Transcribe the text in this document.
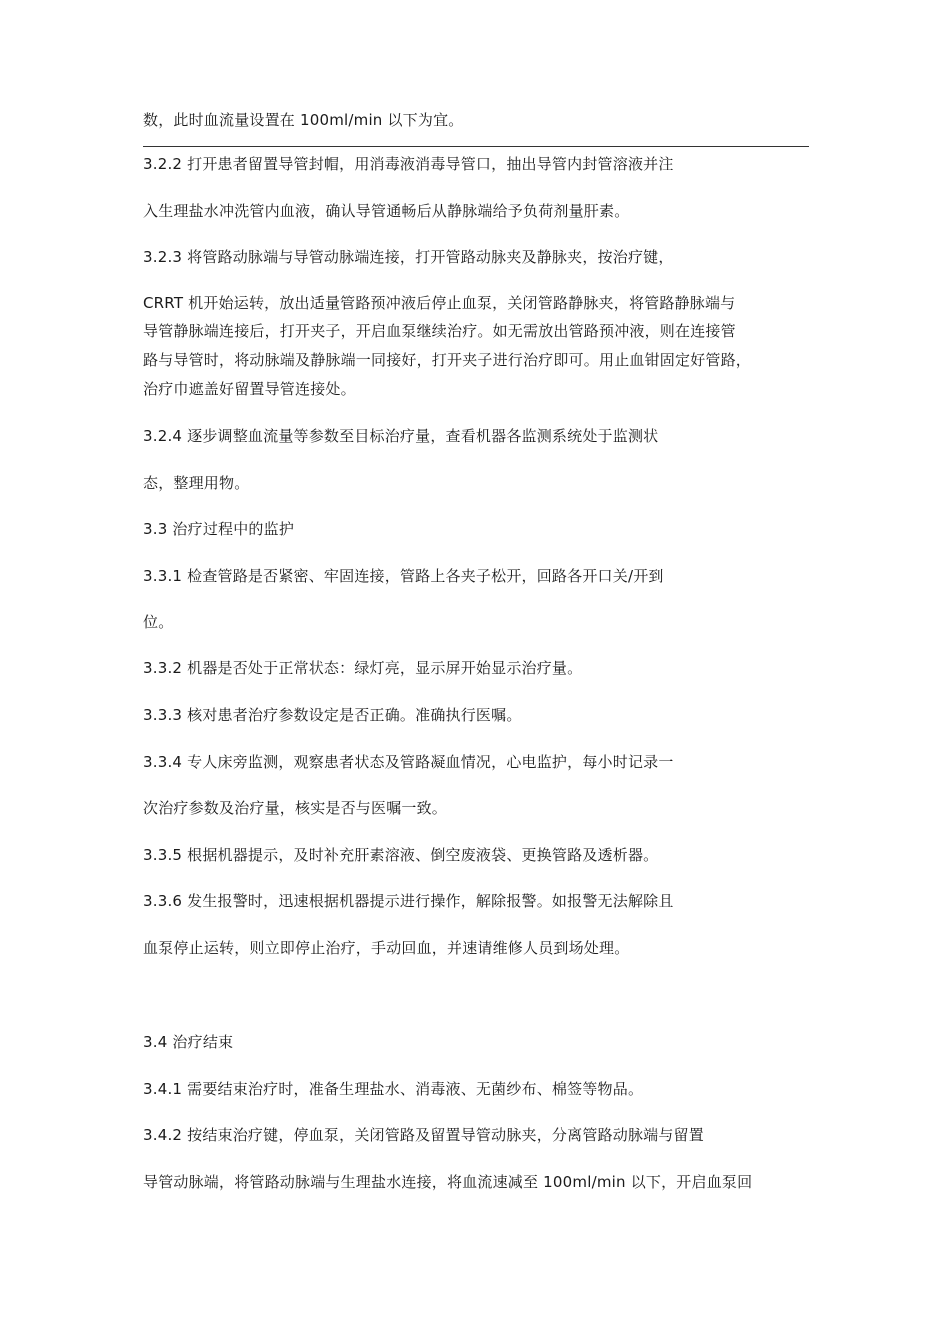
数，此时血流量设置在 100ml/min 以下为宜。
3.2.2 打开患者留置导管封帽，用消毒液消毒导管口，抽出导管内封管溶液并注
入生理盐水冲洗管内血液，确认导管通畅后从静脉端给予负荷剂量肝素。
3.2.3 将管路动脉端与导管动脉端连接，打开管路动脉夹及静脉夹，按治疗键，
CRRT 机开始运转，放出适量管路预冲液后停止血泵，关闭管路静脉夹，将管路静脉端与
导管静脉端连接后，打开夹子，开启血泵继续治疗。如无需放出管路预冲液，则在连接管
路与导管时，将动脉端及静脉端一同接好，打开夹子进行治疗即可。用止血钳固定好管路，
治疗巾遮盖好留置导管连接处。
3.2.4 逐步调整血流量等参数至目标治疗量，查看机器各监测系统处于监测状
态，整理用物。
3.3 治疗过程中的监护
3.3.1 检查管路是否紧密、牢固连接，管路上各夹子松开，回路各开口关/开到
位。
3.3.2 机器是否处于正常状态：绿灯亮，显示屏开始显示治疗量。
3.3.3 核对患者治疗参数设定是否正确。准确执行医嘱。
3.3.4 专人床旁监测，观察患者状态及管路凝血情况，心电监护，每小时记录一
次治疗参数及治疗量，核实是否与医嘱一致。
3.3.5 根据机器提示，及时补充肝素溶液、倒空废液袋、更换管路及透析器。
3.3.6 发生报警时，迅速根据机器提示进行操作，解除报警。如报警无法解除且
血泵停止运转，则立即停止治疗，手动回血，并速请维修人员到场处理。
3.4 治疗结束
3.4.1 需要结束治疗时，准备生理盐水、消毒液、无菌纱布、棉签等物品。
3.4.2 按结束治疗键，停血泵，关闭管路及留置导管动脉夹，分离管路动脉端与留置
导管动脉端，将管路动脉端与生理盐水连接，将血流速减至 100ml/min 以下，开启血泵回
